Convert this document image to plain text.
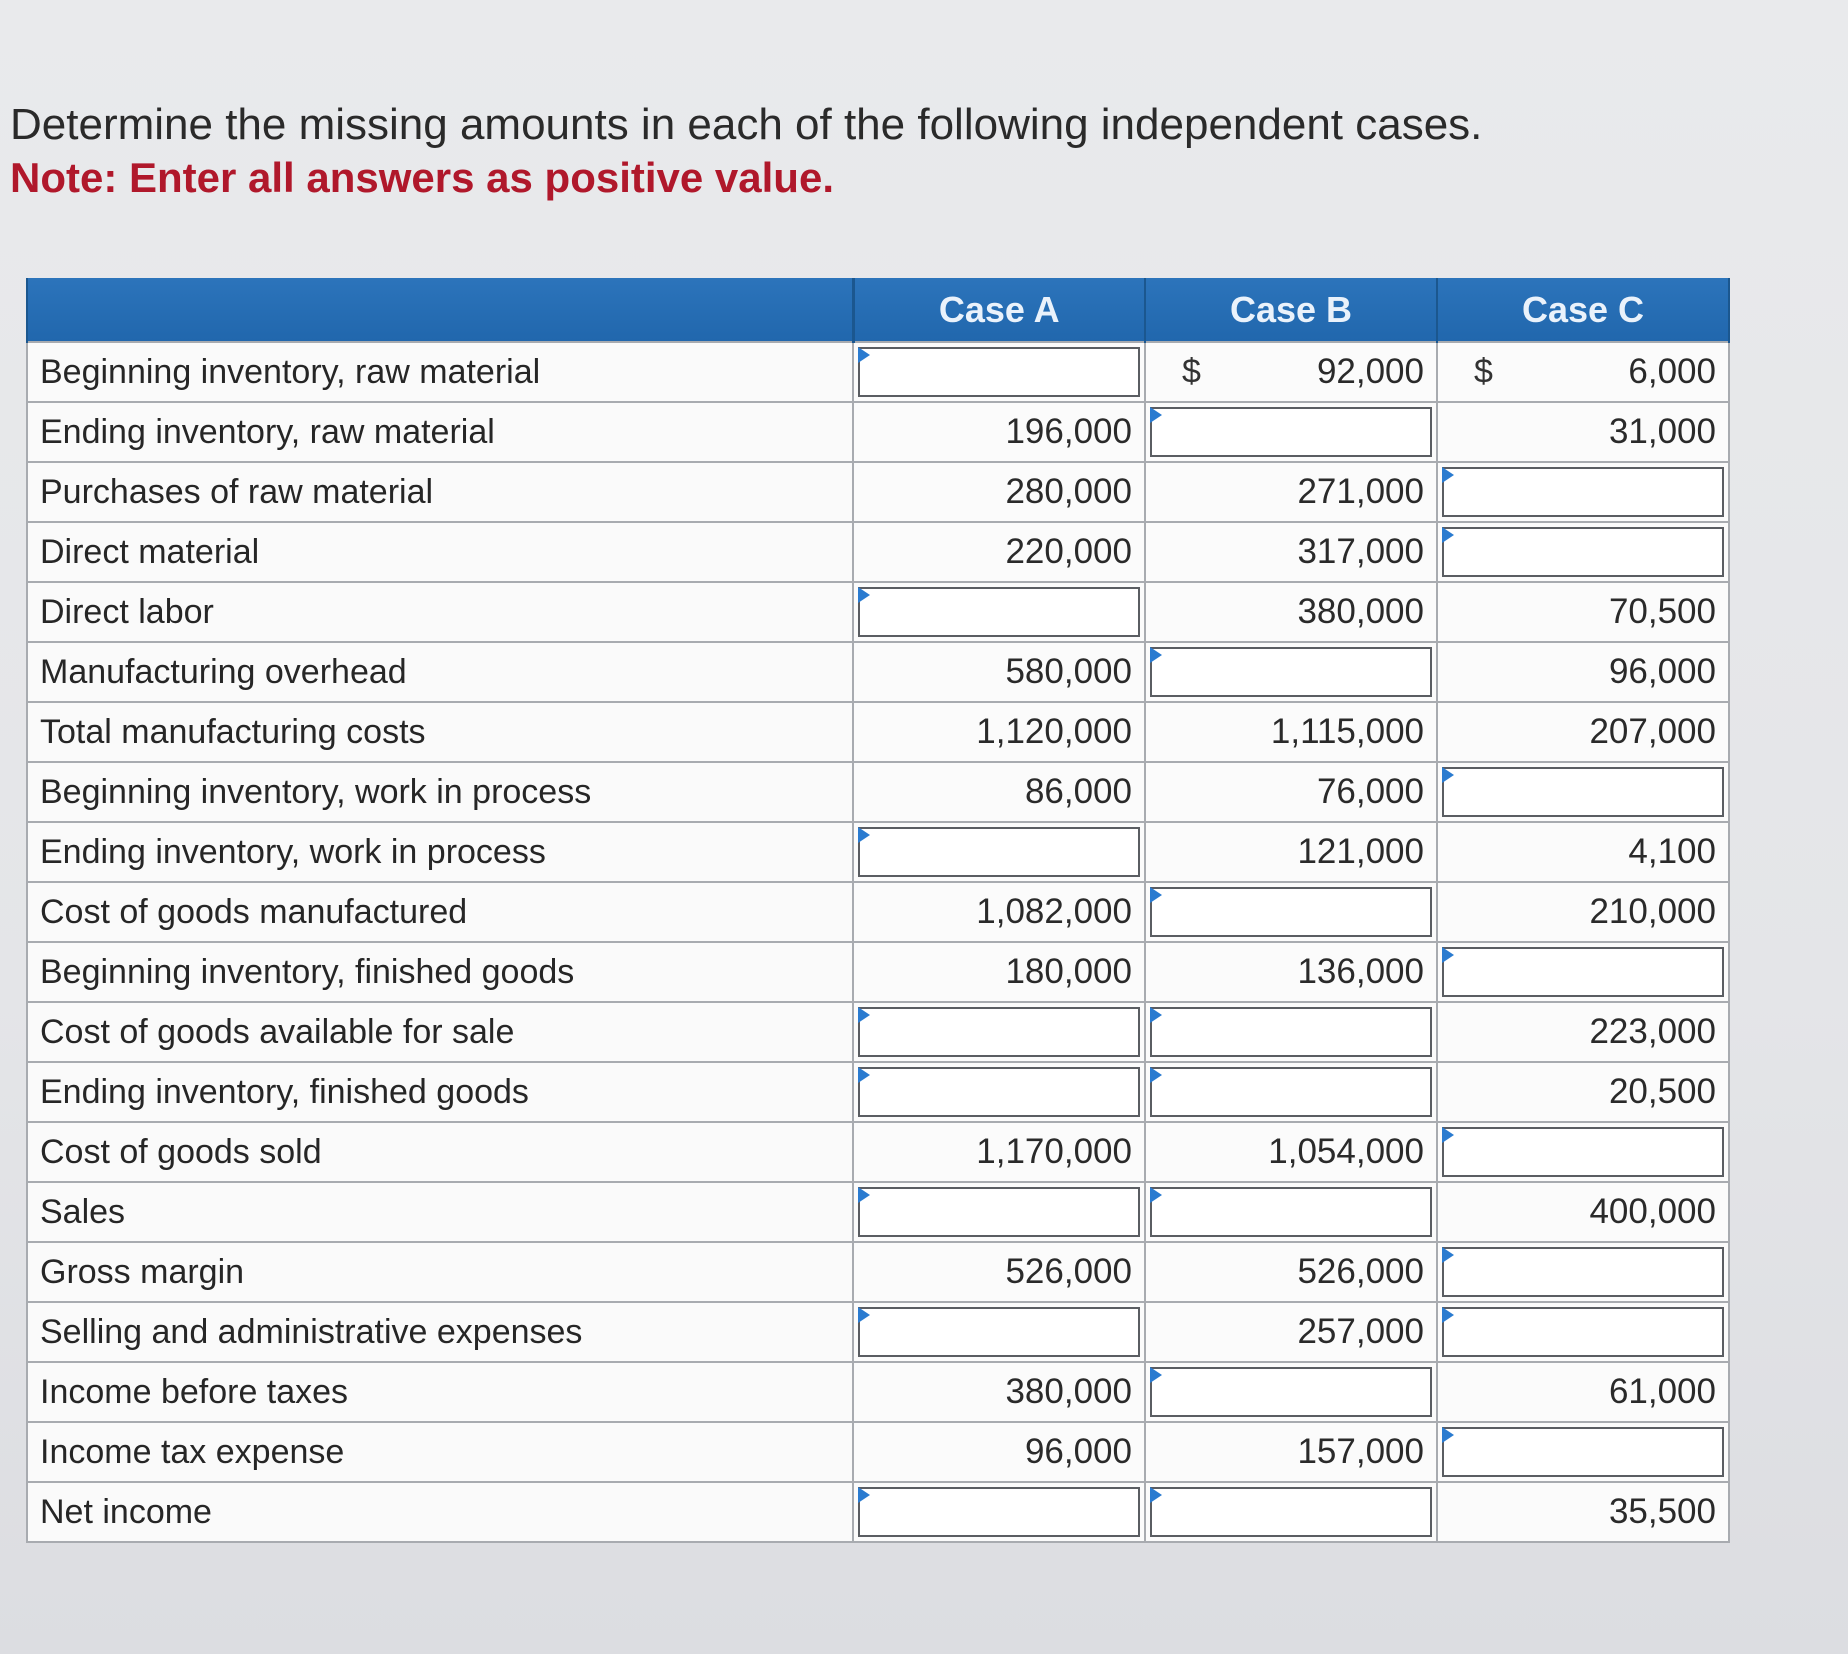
Determine the missing amounts in each of the following independent cases.
Note: Enter all answers as positive value.
	Case A	Case B	Case C
Beginning inventory, raw material		$ 92,000	$ 6,000
Ending inventory, raw material	196,000		31,000
Purchases of raw material	280,000	271,000	

Direct material	220,000	317,000	

Direct labor		380,000	70,500
Manufacturing overhead	580,000		96,000
Total manufacturing costs	1,120,000	1,115,000	207,000
Beginning inventory, work in process	86,000	76,000	

Ending inventory, work in process		121,000	4,100
Cost of goods manufactured	1,082,000		210,000
Beginning inventory, finished goods	180,000	136,000	

Cost of goods available for sale			223,000
Ending inventory, finished goods			20,500
Cost of goods sold	1,170,000	1,054,000	

Sales			400,000
Gross margin	526,000	526,000	

Selling and administrative expenses		257,000	

Income before taxes	380,000		61,000
Income tax expense	96,000	157,000	

Net income			35,500
